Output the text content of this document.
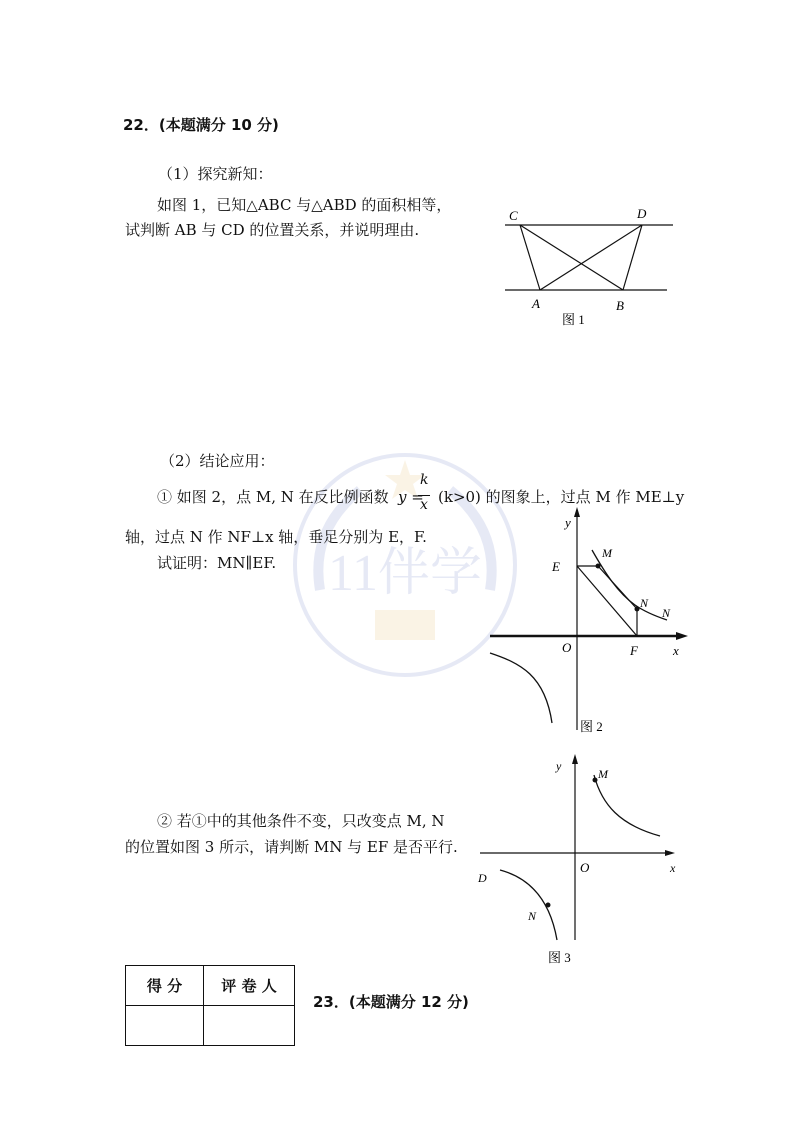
11伴学
22．(本题满分 10 分)
（1）探究新知：
如图 1，已知△ABC 与△ABD 的面积相等，
试判断 AB 与 CD 的位置关系，并说明理由.
C	D
A	B
图 1
（2）结论应用：
① 如图 2，点 M, N 在反比例函数 y =
k
x (k>0) 的图象上，过点 M 作 ME⊥y
轴，过点 N 作 NF⊥x 轴，垂足分别为 E，F.
试证明：MN∥EF.
y
x
E
M
N
N
O	F
图 2
② 若①中的其他条件不变，只改变点 M, N
的位置如图 3 所示，请判断 MN 与 EF 是否平行.
y
x
M
O
D
N
图 3
得 分	评 卷 人

23．(本题满分 12 分)
